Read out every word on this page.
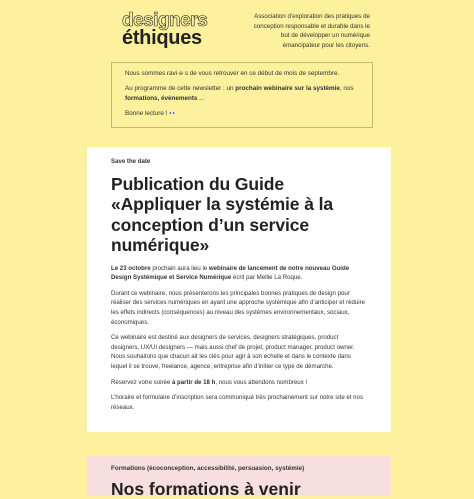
designers
éthiques
Association d’exploration des pratiques de conception responsable et durable dans le but de développer un numérique émancipateur pour les citoyens.

Nous sommes ravi·e·s de vous retrouver en ce début de mois de septembre.

Au programme de cette newsletter : un prochain webinaire sur la systémie, nos formations, évènements ...

Bonne lecture ! 👀

Save the date

Publication du Guide «Appliquer la systémie à la conception d’un service numérique»

Le 23 octobre prochain aura lieu le webinaire de lancement de notre nouveau Guide Design Systémique et Service Numérique écrit par Mellie La Roque.

Durant ce webinaire, nous présenterons les principales bonnes pratiques de design pour réaliser des services numériques en ayant une approche systémique afin d’anticiper et réduire les effets indirects (conséquences) au niveau des systèmes environnementaux, sociaux, économiques.

Ce webinaire est destiné aux designers de services, designers stratégiques, product designers, UX/UI designers — mais aussi chef de projet, product manager, product owner. Nous souhaitons que chacun ait les clés pour agir à son échelle et dans le contexte dans lequel il se trouve, freelance, agence, entreprise afin d’initier ce type de démarche.

Réservez votre soirée à partir de 18 h, nous vous attendons nombreux !

L’horaire et formulaire d’inscription sera communiqué très prochainement sur notre site et nos réseaux.

Formations (écoconception, accessibilité, persuasion, systémie)

Nos formations à venir
